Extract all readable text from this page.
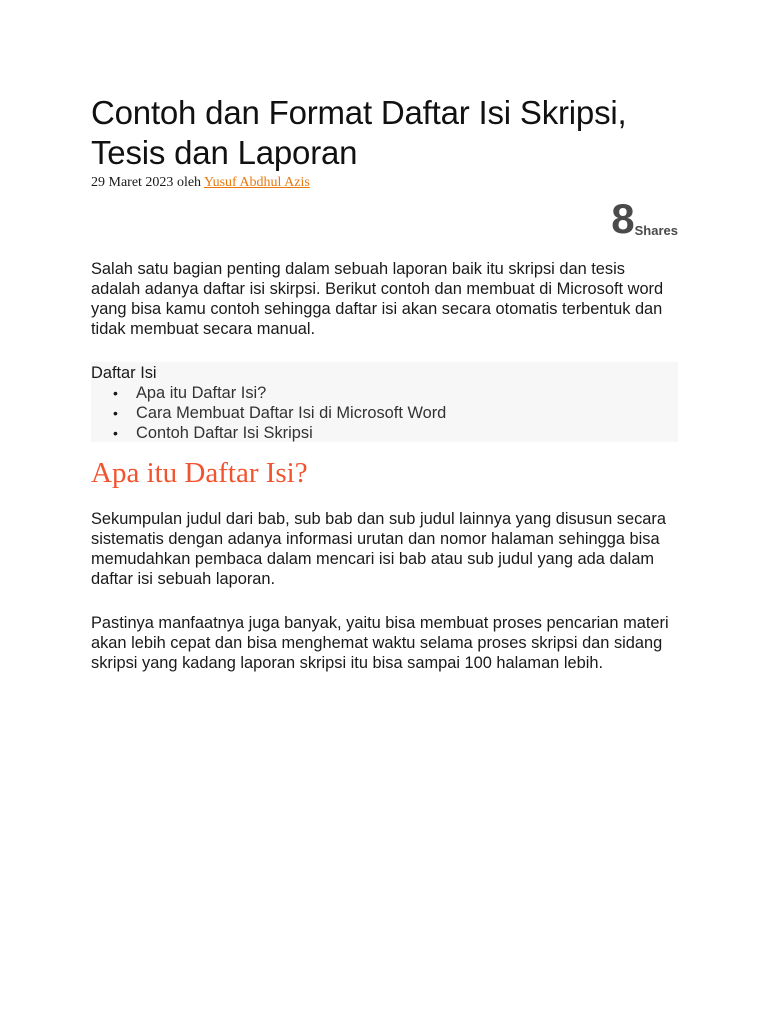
Contoh dan Format Daftar Isi Skripsi, Tesis dan Laporan
29 Maret 2023 oleh Yusuf Abdhul Azis
8 Shares

Salah satu bagian penting dalam sebuah laporan baik itu skripsi dan tesis adalah adanya daftar isi skirpsi. Berikut contoh dan membuat di Microsoft word yang bisa kamu contoh sehingga daftar isi akan secara otomatis terbentuk dan tidak membuat secara manual.

Daftar Isi
• Apa itu Daftar Isi?
• Cara Membuat Daftar Isi di Microsoft Word
• Contoh Daftar Isi Skripsi
Apa itu Daftar Isi?

Sekumpulan judul dari bab, sub bab dan sub judul lainnya yang disusun secara sistematis dengan adanya informasi urutan dan nomor halaman sehingga bisa memudahkan pembaca dalam mencari isi bab atau sub judul yang ada dalam daftar isi sebuah laporan.

Pastinya manfaatnya juga banyak, yaitu bisa membuat proses pencarian materi akan lebih cepat dan bisa menghemat waktu selama proses skripsi dan sidang skripsi yang kadang laporan skripsi itu bisa sampai 100 halaman lebih.
